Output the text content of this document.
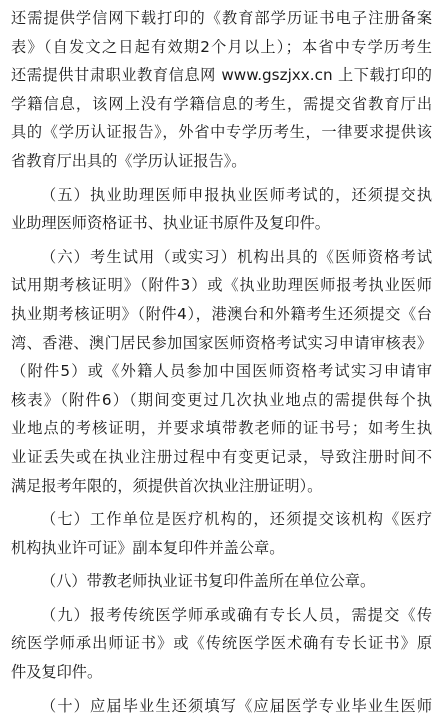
还需提供学信网下载打印的《教育部学历证书电子注册备案
表》（自发文之日起有效期2个月以上）；本省中专学历考生
还需提供甘肃职业教育信息网 www.gszjxx.cn 上下载打印的
学籍信息，该网上没有学籍信息的考生，需提交省教育厅出
具的《学历认证报告》，外省中专学历考生，一律要求提供该
省教育厅出具的《学历认证报告》。
（五）执业助理医师申报执业医师考试的，还须提交执
业助理医师资格证书、执业证书原件及复印件。
（六）考生试用（或实习）机构出具的《医师资格考试
试用期考核证明》（附件3）或《执业助理医师报考执业医师
执业期考核证明》（附件4），港澳台和外籍考生还须提交《台
湾、香港、澳门居民参加国家医师资格考试实习申请审核表》
（附件5）或《外籍人员参加中国医师资格考试实习申请审
核表》（附件6）（期间变更过几次执业地点的需提供每个执
业地点的考核证明，并要求填带教老师的证书号；如考生执
业证丢失或在执业注册过程中有变更记录，导致注册时间不
满足报考年限的，须提供首次执业注册证明）。
（七）工作单位是医疗机构的，还须提交该机构《医疗
机构执业许可证》副本复印件并盖公章。
（八）带教老师执业证书复印件盖所在单位公章。
（九）报考传统医学师承或确有专长人员，需提交《传
统医学师承出师证书》或《传统医学医术确有专长证书》原
件及复印件。
（十）应届毕业生还须填写《应届医学专业毕业生医师
